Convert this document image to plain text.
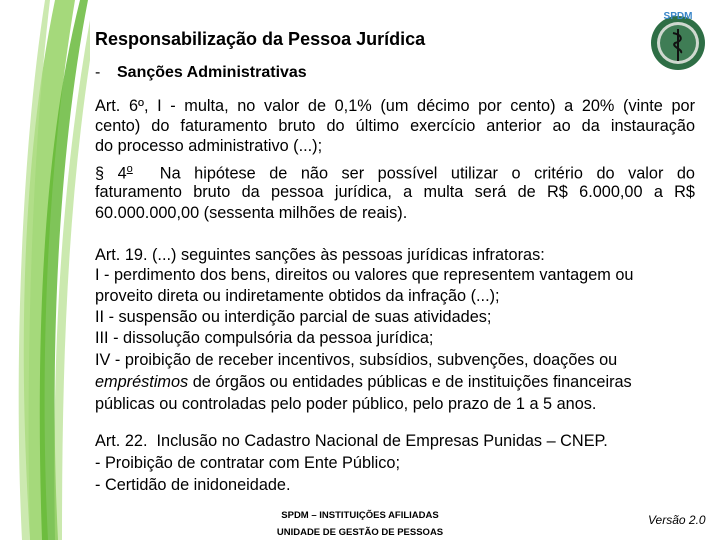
SPDM
Responsabilização da Pessoa Jurídica
- Sanções Administrativas
Art. 6º, I - multa, no valor de 0,1% (um décimo por cento) a 20% (vinte por
cento) do faturamento bruto do último exercício anterior ao da instauração
do processo administrativo (...);
§ 4$^o$  Na hipótese de não ser possível utilizar o critério do valor do
faturamento bruto da pessoa jurídica, a multa será de R$ 6.000,00 a R$
60.000.000,00 (sessenta milhões de reais).
Art. 19. (...) seguintes sanções às pessoas jurídicas infratoras:
I - perdimento dos bens, direitos ou valores que representem vantagem ou
proveito direta ou indiretamente obtidos da infração (...);
II - suspensão ou interdição parcial de suas atividades;
III - dissolução compulsória da pessoa jurídica;
IV - proibição de receber incentivos, subsídios, subvenções, doações ou
empréstimos de órgãos ou entidades públicas e de instituições financeiras
públicas ou controladas pelo poder público, pelo prazo de 1 a 5 anos.
Art. 22.  Inclusão no Cadastro Nacional de Empresas Punidas – CNEP.
- Proibição de contratar com Ente Público;
- Certidão de inidoneidade.
SPDM – INSTITUIÇÕES AFILIADAS
UNIDADE DE GESTÃO DE PESSOAS
Versão 2.0
